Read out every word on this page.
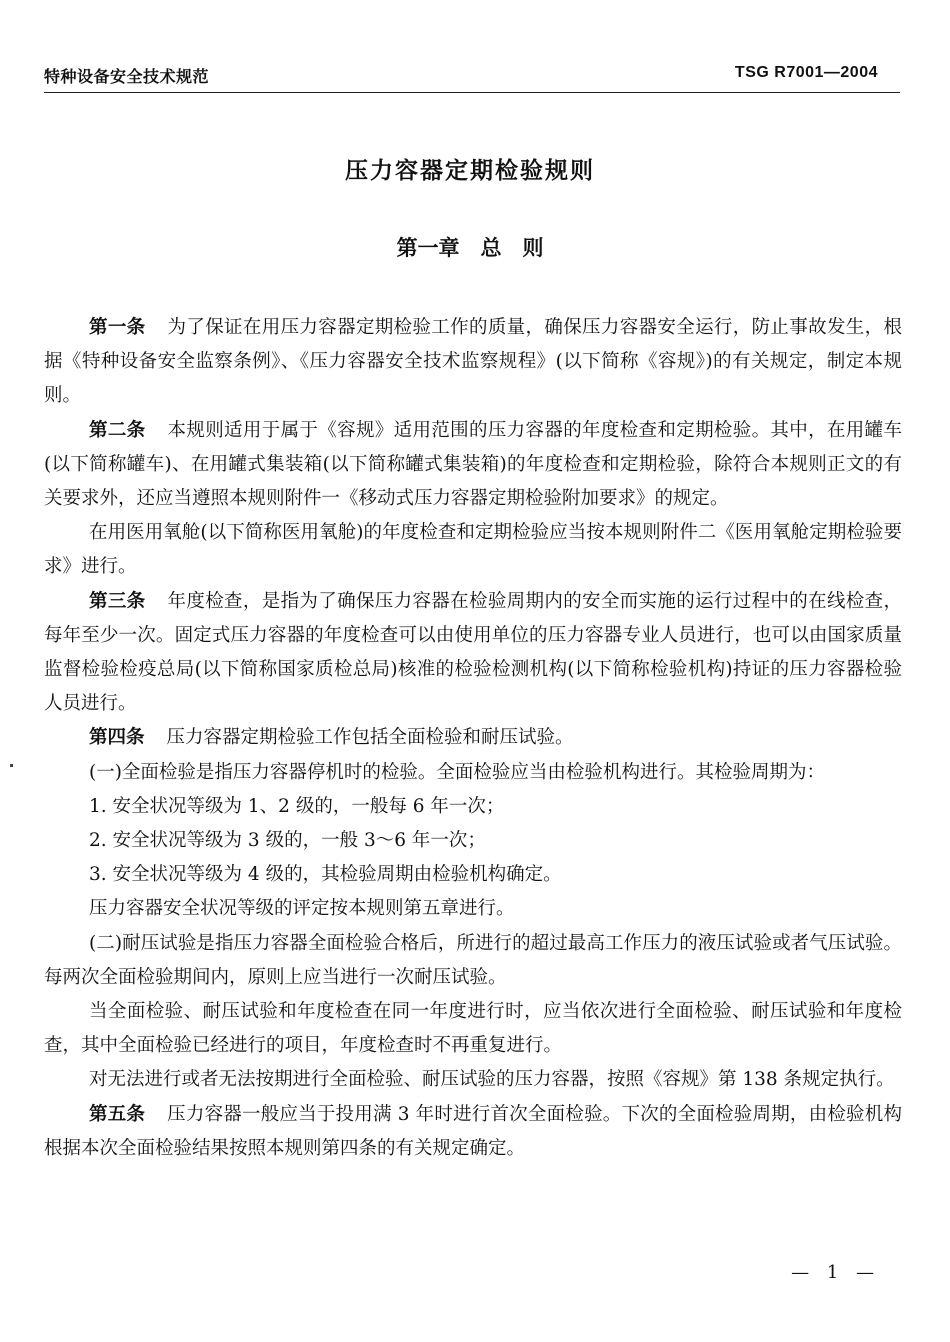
特种设备安全技术规范	TSG R7001—2004
压力容器定期检验规则
第一章　总　则

第一条 为了保证在用压力容器定期检验工作的质量，确保压力容器安全运行，防止事故发生，根据《特种设备安全监察条例》、《压力容器安全技术监察规程》(以下简称《容规》)的有关规定，制定本规则。

第二条 本规则适用于属于《容规》适用范围的压力容器的年度检查和定期检验。其中，在用罐车(以下简称罐车)、在用罐式集装箱(以下简称罐式集装箱)的年度检查和定期检验，除符合本规则正文的有关要求外，还应当遵照本规则附件一《移动式压力容器定期检验附加要求》的规定。

在用医用氧舱(以下简称医用氧舱)的年度检查和定期检验应当按本规则附件二《医用氧舱定期检验要求》进行。

第三条 年度检查，是指为了确保压力容器在检验周期内的安全而实施的运行过程中的在线检查，每年至少一次。固定式压力容器的年度检查可以由使用单位的压力容器专业人员进行，也可以由国家质量监督检验检疫总局(以下简称国家质检总局)核准的检验检测机构(以下简称检验机构)持证的压力容器检验人员进行。

第四条 压力容器定期检验工作包括全面检验和耐压试验。

(一)全面检验是指压力容器停机时的检验。全面检验应当由检验机构进行。其检验周期为：

1. 安全状况等级为 1、2 级的，一般每 6 年一次；

2. 安全状况等级为 3 级的，一般 3～6 年一次；

3. 安全状况等级为 4 级的，其检验周期由检验机构确定。

压力容器安全状况等级的评定按本规则第五章进行。

(二)耐压试验是指压力容器全面检验合格后，所进行的超过最高工作压力的液压试验或者气压试验。每两次全面检验期间内，原则上应当进行一次耐压试验。

当全面检验、耐压试验和年度检查在同一年度进行时，应当依次进行全面检验、耐压试验和年度检查，其中全面检验已经进行的项目，年度检查时不再重复进行。

对无法进行或者无法按期进行全面检验、耐压试验的压力容器，按照《容规》第 138 条规定执行。

第五条 压力容器一般应当于投用满 3 年时进行首次全面检验。下次的全面检验周期，由检验机构根据本次全面检验结果按照本规则第四条的有关规定确定。

— 1 —
